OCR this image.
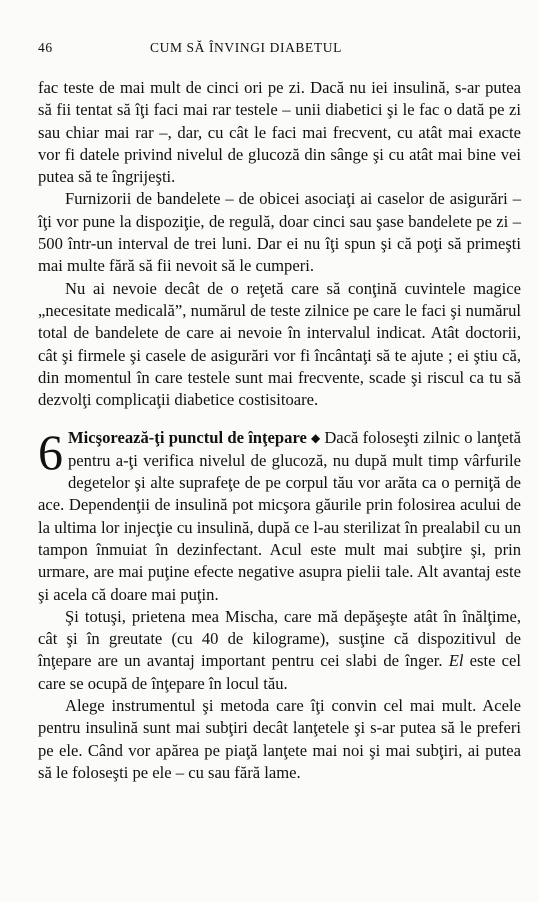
46	CUM SĂ ÎNVINGI DIABETUL

fac teste de mai mult de cinci ori pe zi. Dacă nu iei insulină, s-ar putea să fii tentat să îţi faci mai rar testele – unii diabetici şi le fac o dată pe zi sau chiar mai rar –, dar, cu cât le faci mai frecvent, cu atât mai exacte vor fi datele privind nivelul de glucoză din sânge şi cu atât mai bine vei putea să te îngrijeşti.

Furnizorii de bandelete – de obicei asociaţi ai caselor de asigurări – îţi vor pune la dispoziţie, de regulă, doar cinci sau şase bandelete pe zi – 500 într-un interval de trei luni. Dar ei nu îţi spun şi că poţi să primeşti mai multe fără să fii nevoit să le cumperi.

Nu ai nevoie decât de o reţetă care să conţină cuvintele magice „necesitate medicală”, numărul de teste zilnice pe care le faci şi numărul total de bandelete de care ai nevoie în intervalul indicat. Atât doctorii, cât şi firmele şi casele de asigurări vor fi încântaţi să te ajute ; ei ştiu că, din momentul în care testele sunt mai frecvente, scade şi riscul ca tu să dezvolţi complicaţii diabetice costisitoare.

6 Micşorează-ţi punctul de înţepare ◆ Dacă foloseşti zilnic o lanţetă pentru a-ţi verifica nivelul de glucoză, nu după mult timp vârfurile degetelor şi alte suprafeţe de pe corpul tău vor arăta ca o perniţă de ace. Dependenţii de insulină pot micşora găurile prin folosirea acului de la ultima lor injecţie cu insulină, după ce l-au sterilizat în prealabil cu un tampon înmuiat în dezinfectant. Acul este mult mai subţire şi, prin urmare, are mai puţine efecte negative asupra pielii tale. Alt avantaj este şi acela că doare mai puţin.

Şi totuşi, prietena mea Mischa, care mă depăşeşte atât în înălţime, cât şi în greutate (cu 40 de kilograme), susţine că dispozitivul de înţepare are un avantaj important pentru cei slabi de înger. El este cel care se ocupă de înţepare în locul tău.

Alege instrumentul şi metoda care îţi convin cel mai mult. Acele pentru insulină sunt mai subţiri decât lanţetele şi s-ar putea să le preferi pe ele. Când vor apărea pe piaţă lanţete mai noi şi mai subţiri, ai putea să le foloseşti pe ele – cu sau fără lame.
